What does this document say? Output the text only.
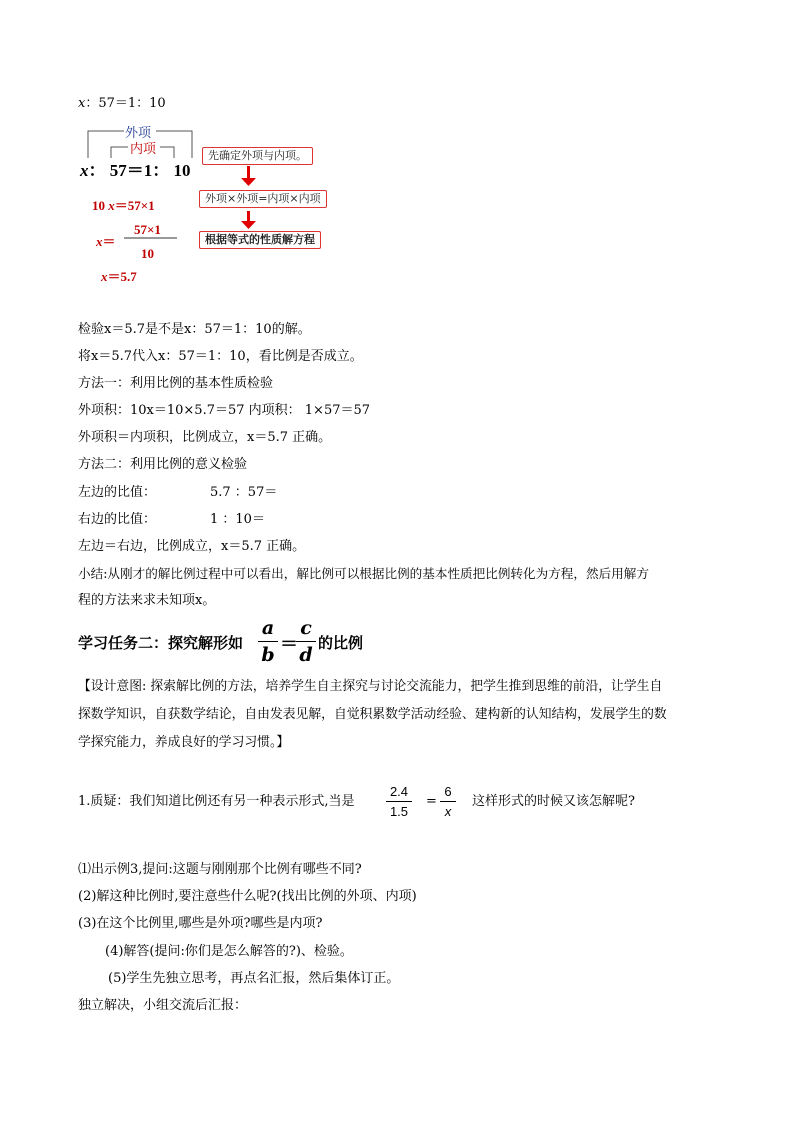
x：57＝1：10
外项
内项
x： 57＝1： 10
先确定外项与内项。
外项×外项=内项×内项
根据等式的性质解方程
10 x＝57×1
x＝
57×1
10
x＝5.7
检验x＝5.7是不是x：57＝1：10的解。
将x＝5.7代入x：57＝1：10，看比例是否成立。
方法一：利用比例的基本性质检验
外项积：10x＝10×5.7＝57 内项积： 1×57＝57
外项积＝内项积，比例成立，x＝5.7 正确。
方法二：利用比例的意义检验
左边的比值：	5.7 ：57＝
右边的比值：	1 ：10＝
左边＝右边，比例成立，x＝5.7 正确。
小结:从刚才的解比例过程中可以看出，解比例可以根据比例的基本性质把比例转化为方程，然后用解方
程的方法来求未知项x。
学习任务二：探究解形如
a
b ＝
c
d
的比例
【设计意图: 探索解比例的方法，培养学生自主探究与讨论交流能力，把学生推到思维的前沿，让学生自
探数学知识，自获数学结论，自由发表见解，自觉积累数学活动经验、建构新的认知结构，发展学生的数
学探究能力，养成良好的学习习惯。】
1.质疑：我们知道比例还有另一种表示形式,当是
2.4
1.5
=
6
x
这样形式的时候又该怎解呢?
⑴出示例3,提问:这题与刚刚那个比例有哪些不同?
(2)解这种比例时,要注意些什么呢?(找出比例的外项、内项)
(3)在这个比例里,哪些是外项?哪些是内项?
(4)解答(提问:你们是怎么解答的?)、检验。
(5)学生先独立思考，再点名汇报，然后集体订正。
独立解决，小组交流后汇报：
